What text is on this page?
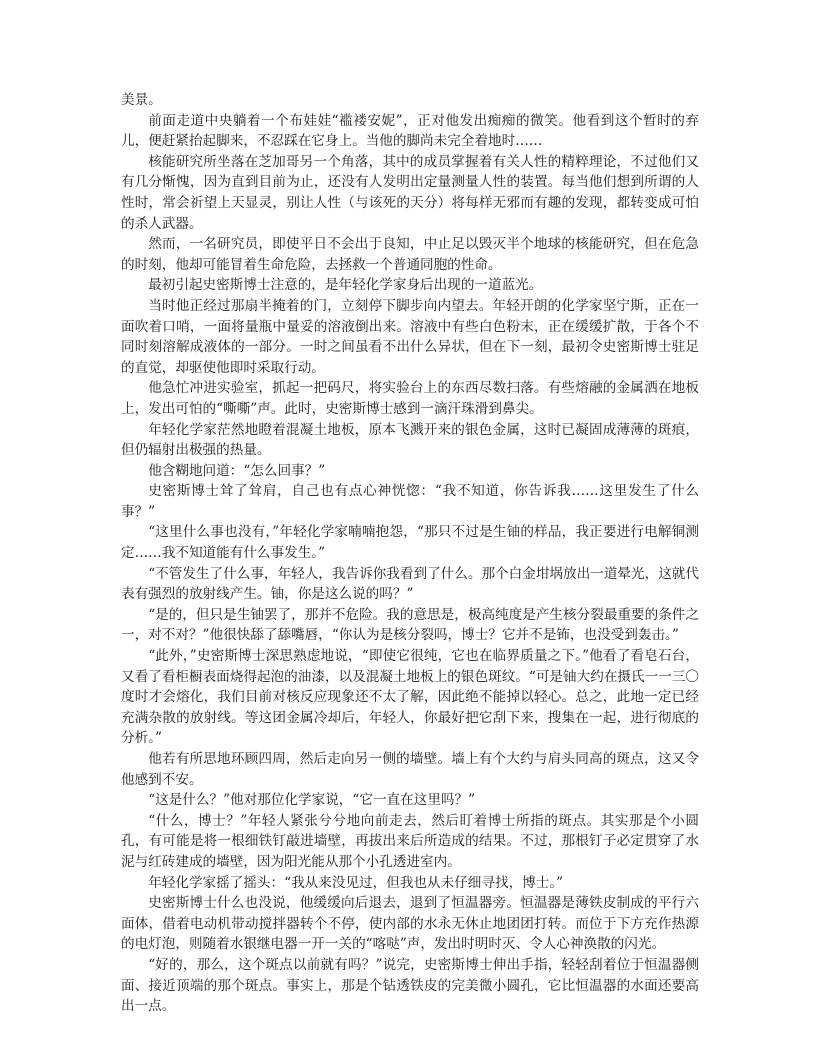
美景。

前面走道中央躺着一个布娃娃“褴褛安妮”，正对他发出痴痴的微笑。他看到这个暂时的弃儿，便赶紧抬起脚来，不忍踩在它身上。当他的脚尚未完全着地时……

核能研究所坐落在芝加哥另一个角落，其中的成员掌握着有关人性的精粹理论，不过他们又有几分惭愧，因为直到目前为止，还没有人发明出定量测量人性的装置。每当他们想到所谓的人性时，常会祈望上天显灵，别让人性（与该死的天分）将每样无邪而有趣的发现，都转变成可怕的杀人武器。

然而，一名研究员，即使平日不会出于良知，中止足以毁灭半个地球的核能研究，但在危急的时刻，他却可能冒着生命危险，去拯救一个普通同胞的性命。

最初引起史密斯博士注意的，是年轻化学家身后出现的一道蓝光。

当时他正经过那扇半掩着的门，立刻停下脚步向内望去。年轻开朗的化学家坚宁斯，正在一面吹着口哨，一面将量瓶中量妥的溶液倒出来。溶液中有些白色粉末，正在缓缓扩散，于各个不同时刻溶解成液体的一部分。一时之间虽看不出什么异状，但在下一刻，最初令史密斯博士驻足的直觉，却驱使他即时采取行动。

他急忙冲进实验室，抓起一把码尺，将实验台上的东西尽数扫落。有些熔融的金属洒在地板上，发出可怕的“嘶嘶”声。此时，史密斯博士感到一滴汗珠滑到鼻尖。

年轻化学家茫然地瞪着混凝土地板，原本飞溅开来的银色金属，这时已凝固成薄薄的斑痕，但仍辐射出极强的热量。

他含糊地问道：“怎么回事？”

史密斯博士耸了耸肩，自己也有点心神恍惚：“我不知道，你告诉我……这里发生了什么事？”

“这里什么事也没有，”年轻化学家喃喃抱怨，“那只不过是生铀的样品，我正要进行电解铜测定……我不知道能有什么事发生。”

“不管发生了什么事，年轻人，我告诉你我看到了什么。那个白金坩埚放出一道晕光，这就代表有强烈的放射线产生。铀，你是这么说的吗？”

“是的，但只是生铀罢了，那并不危险。我的意思是，极高纯度是产生核分裂最重要的条件之一，对不对？”他很快舔了舔嘴唇，“你认为是核分裂吗，博士？它并不是钸，也没受到轰击。”

“此外，”史密斯博士深思熟虑地说，“即使它很纯，它也在临界质量之下。”他看了看皂石台，又看了看柜橱表面烧得起泡的油漆，以及混凝土地板上的银色斑纹。“可是铀大约在摄氏一一三〇度时才会熔化，我们目前对核反应现象还不太了解，因此绝不能掉以轻心。总之，此地一定已经充满杂散的放射线。等这团金属冷却后，年轻人，你最好把它刮下来，搜集在一起，进行彻底的分析。”

他若有所思地环顾四周，然后走向另一侧的墙壁。墙上有个大约与肩头同高的斑点，这又令他感到不安。

“这是什么？”他对那位化学家说，“它一直在这里吗？”

“什么，博士？”年轻人紧张兮兮地向前走去，然后盯着博士所指的斑点。其实那是个小圆孔，有可能是将一根细铁钉敲进墙壁，再拔出来后所造成的结果。不过，那根钉子必定贯穿了水泥与红砖建成的墙壁，因为阳光能从那个小孔透进室内。

年轻化学家摇了摇头：“我从来没见过，但我也从未仔细寻找，博士。”

史密斯博士什么也没说，他缓缓向后退去，退到了恒温器旁。恒温器是薄铁皮制成的平行六面体，借着电动机带动搅拌器转个不停，使内部的水永无休止地团团打转。而位于下方充作热源的电灯泡，则随着水银继电器一开一关的“喀哒”声，发出时明时灭、令人心神涣散的闪光。

“好的，那么，这个斑点以前就有吗？”说完，史密斯博士伸出手指，轻轻刮着位于恒温器侧面、接近顶端的那个斑点。事实上，那是个钻透铁皮的完美微小圆孔，它比恒温器的水面还要高出一点。
